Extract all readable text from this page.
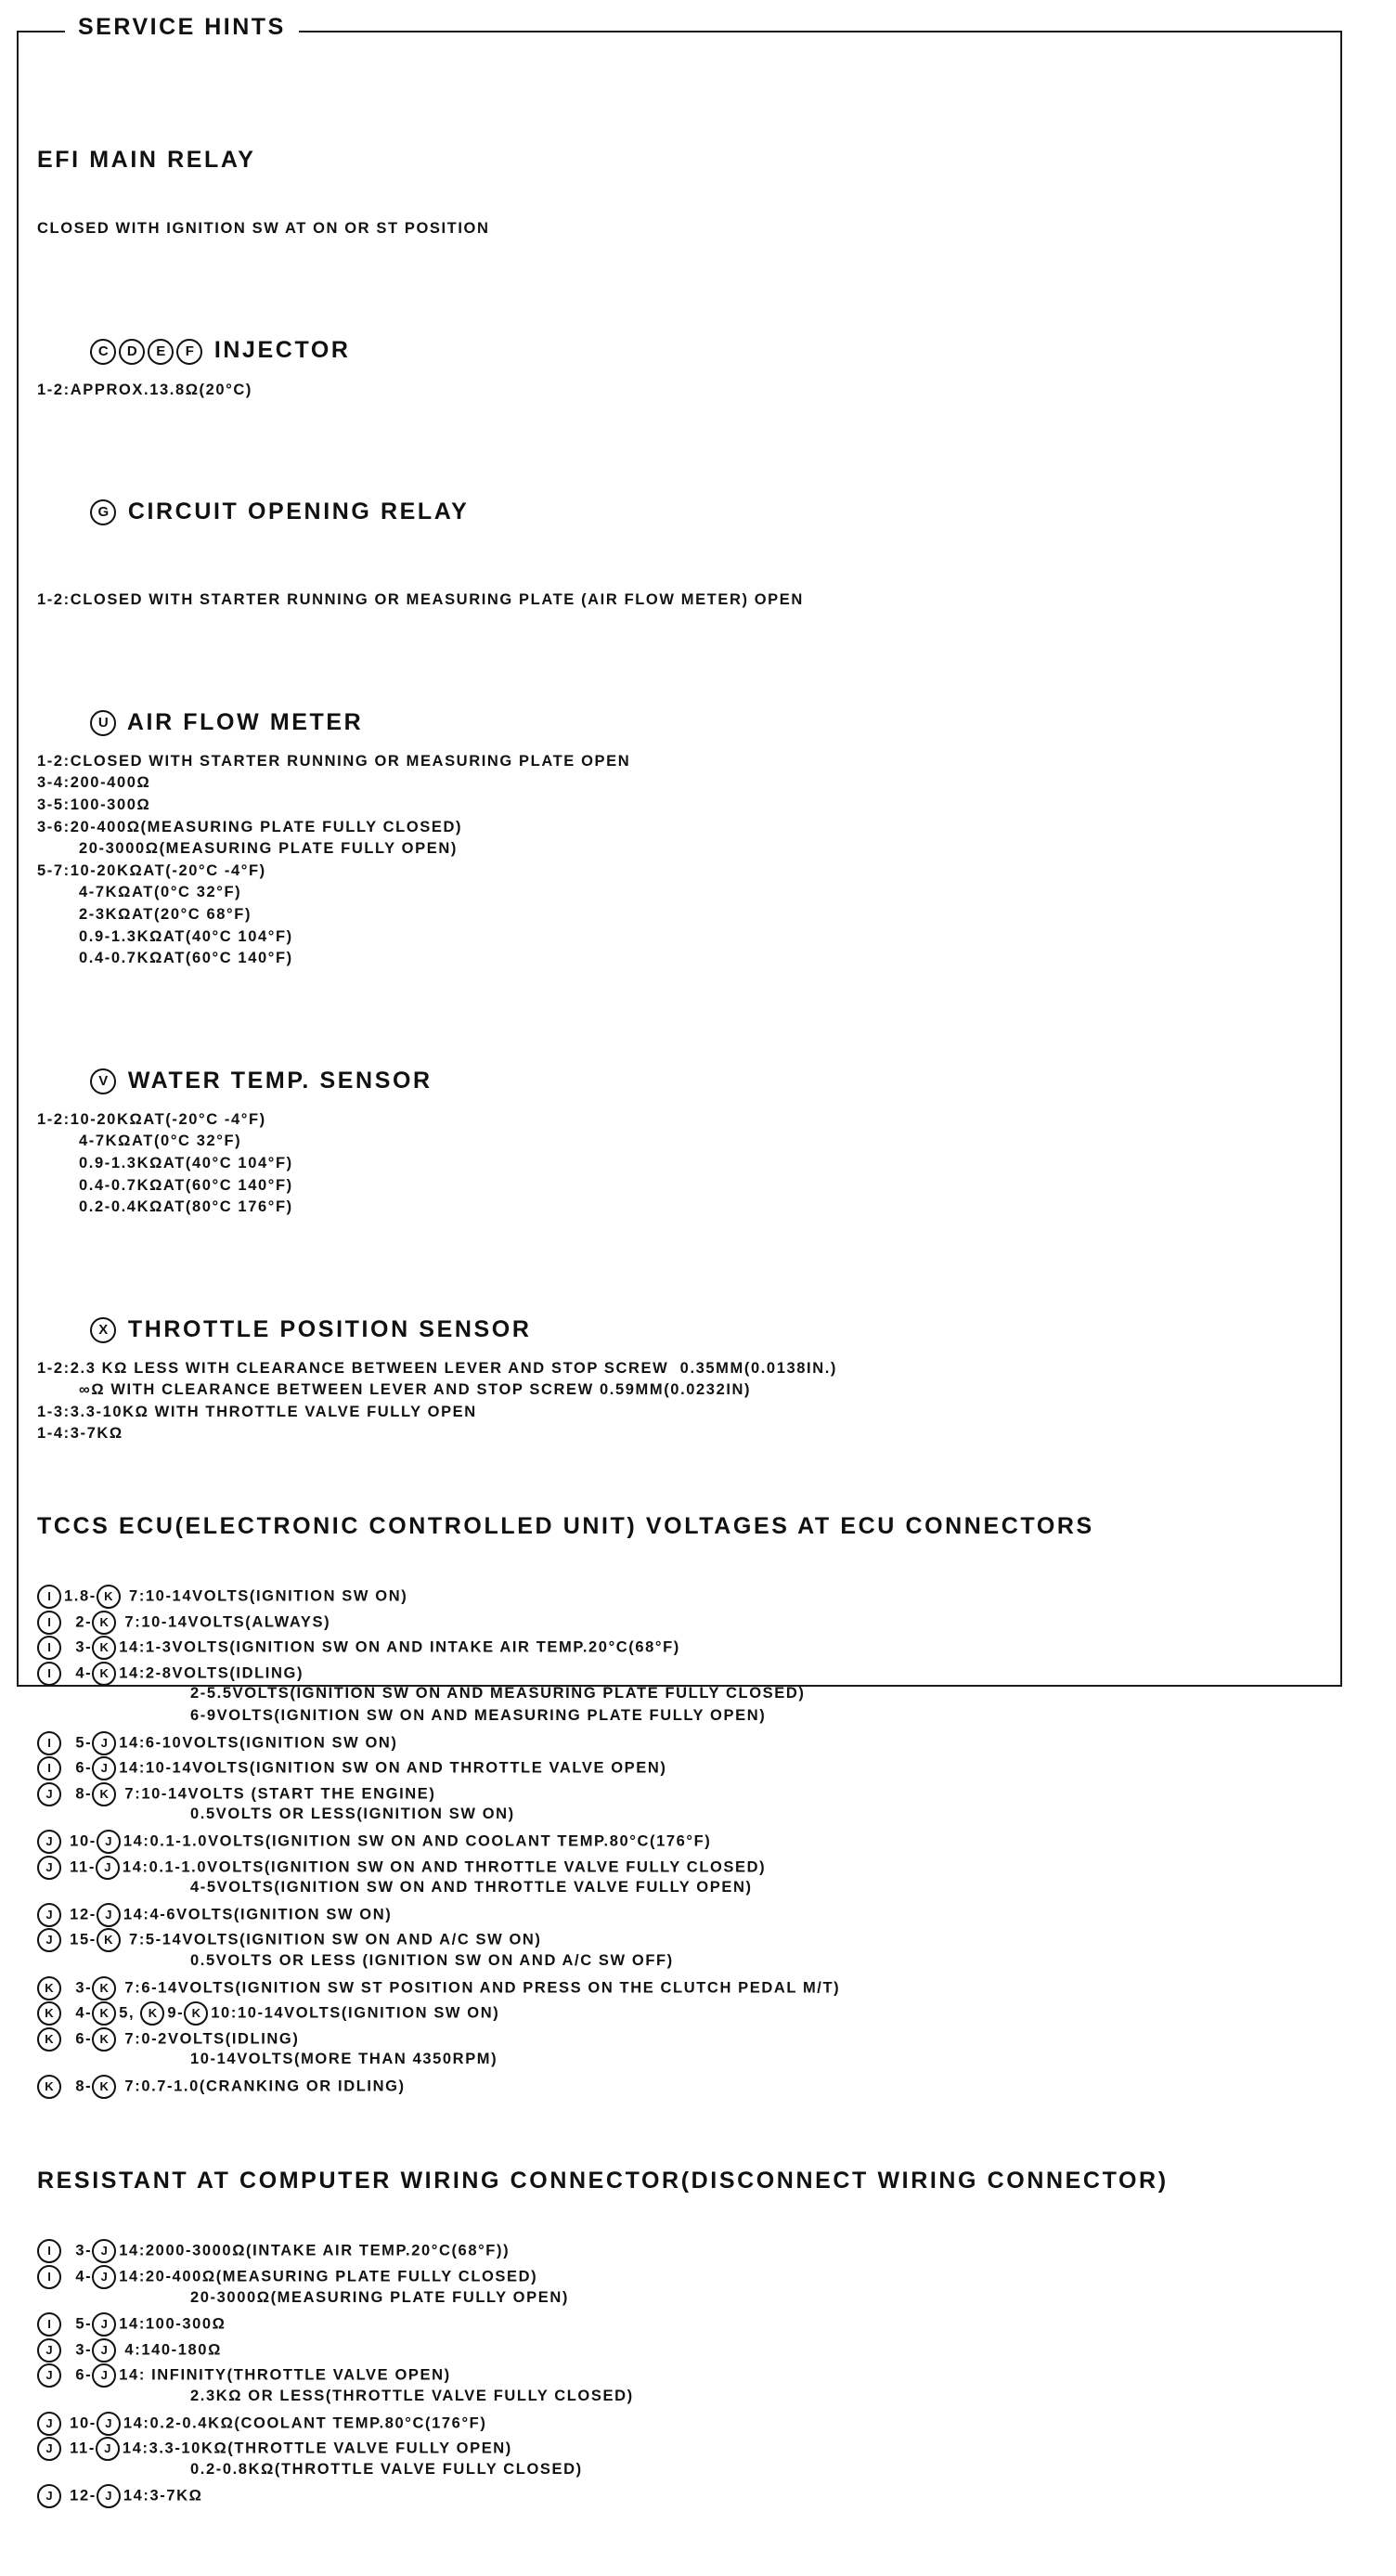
EFI MAIN RELAY

CLOSED WITH IGNITION SW AT ON OR ST POSITION

C D E F INJECTOR

1-2:APPROX.13.8Ω(20°C)

G CIRCUIT OPENING RELAY

1-2:CLOSED WITH STARTER RUNNING OR MEASURING PLATE (AIR FLOW METER) OPEN

U AIR FLOW METER

1-2:CLOSED WITH STARTER RUNNING OR MEASURING PLATE OPEN
3-4:200-400Ω
3-5:100-300Ω
3-6:20-400Ω(MEASURING PLATE FULLY CLOSED)
20-3000Ω(MEASURING PLATE FULLY OPEN)
5-7:10-20KΩAT(-20°C -4°F)
4-7KΩAT(0°C 32°F)
2-3KΩAT(20°C 68°F)
0.9-1.3KΩAT(40°C 104°F)
0.4-0.7KΩAT(60°C 140°F)

V WATER TEMP. SENSOR

1-2:10-20KΩAT(-20°C -4°F)
4-7KΩAT(0°C 32°F)
0.9-1.3KΩAT(40°C 104°F)
0.4-0.7KΩAT(60°C 140°F)
0.2-0.4KΩAT(80°C 176°F)

X THROTTLE POSITION SENSOR

1-2:2.3 KΩ LESS WITH CLEARANCE BETWEEN LEVER AND STOP SCREW  0.35MM(0.0138IN.)
∞Ω WITH CLEARANCE BETWEEN LEVER AND STOP SCREW 0.59MM(0.0232IN)
1-3:3.3-10KΩ WITH THROTTLE VALVE FULLY OPEN
1-4:3-7KΩ

TCCS ECU(ELECTRONIC CONTROLLED UNIT) VOLTAGES AT ECU CONNECTORS

I 1.8- K 7:10-14VOLTS(IGNITION SW ON)
I  2- K 7:10-14VOLTS(ALWAYS)
I  3- K 14:1-3VOLTS(IGNITION SW ON AND INTAKE AIR TEMP.20°C(68°F)
I  4- K 14:2-8VOLTS(IDLING)
2-5.5VOLTS(IGNITION SW ON AND MEASURING PLATE FULLY CLOSED)
6-9VOLTS(IGNITION SW ON AND MEASURING PLATE FULLY OPEN)
I  5- J 14:6-10VOLTS(IGNITION SW ON)
I  6- J 14:10-14VOLTS(IGNITION SW ON AND THROTTLE VALVE OPEN)
J  8- K 7:10-14VOLTS (START THE ENGINE)
0.5VOLTS OR LESS(IGNITION SW ON)
J 10- J 14:0.1-1.0VOLTS(IGNITION SW ON AND COOLANT TEMP.80°C(176°F)
J 11- J 14:0.1-1.0VOLTS(IGNITION SW ON AND THROTTLE VALVE FULLY CLOSED)
4-5VOLTS(IGNITION SW ON AND THROTTLE VALVE FULLY OPEN)
J 12- J 14:4-6VOLTS(IGNITION SW ON)
J 15- K 7:5-14VOLTS(IGNITION SW ON AND A/C SW ON)
0.5VOLTS OR LESS (IGNITION SW ON AND A/C SW OFF)
K  3- K 7:6-14VOLTS(IGNITION SW ST POSITION AND PRESS ON THE CLUTCH PEDAL M/T)
K  4- K 5, K 9- K 10:10-14VOLTS(IGNITION SW ON)
K  6- K 7:0-2VOLTS(IDLING)
10-14VOLTS(MORE THAN 4350RPM)
K  8- K 7:0.7-1.0(CRANKING OR IDLING)

RESISTANT AT COMPUTER WIRING CONNECTOR(DISCONNECT WIRING CONNECTOR)

I  3- J 14:2000-3000Ω(INTAKE AIR TEMP.20°C(68°F))
I  4- J 14:20-400Ω(MEASURING PLATE FULLY CLOSED)
20-3000Ω(MEASURING PLATE FULLY OPEN)
I  5- J 14:100-300Ω
J  3- J 4:140-180Ω
J  6- J 14: INFINITY(THROTTLE VALVE OPEN)
2.3KΩ OR LESS(THROTTLE VALVE FULLY CLOSED)
J 10- J 14:0.2-0.4KΩ(COOLANT TEMP.80°C(176°F)
J 11- J 14:3.3-10KΩ(THROTTLE VALVE FULLY OPEN)
0.2-0.8KΩ(THROTTLE VALVE FULLY CLOSED)
J 12- J 14:3-7KΩ

SERVICE HINTS
